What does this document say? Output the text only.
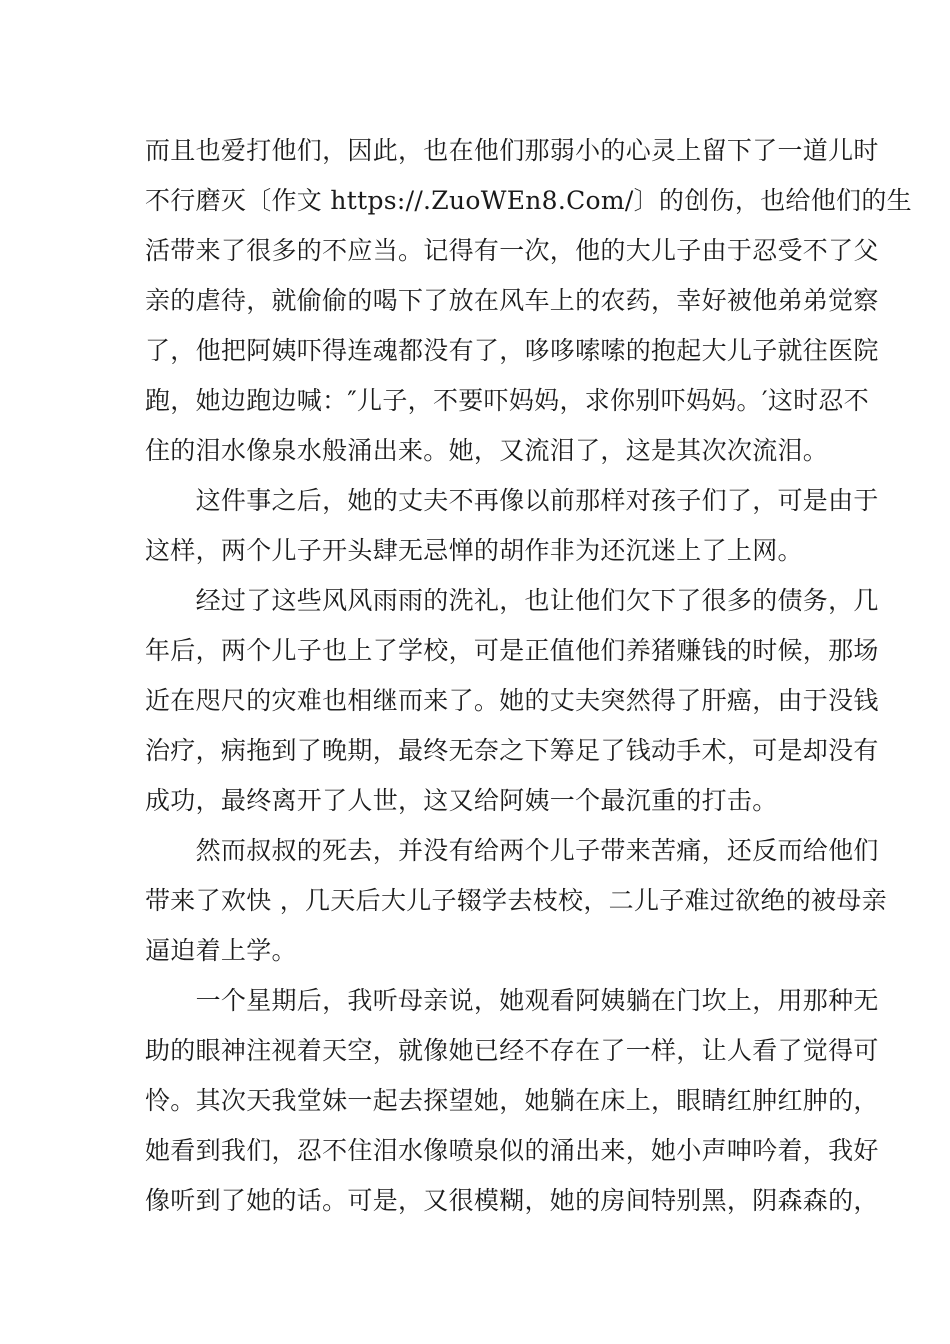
而且也爱打他们，因此，也在他们那弱小的心灵上留下了一道儿时
不行磨灭〔作文 https://.ZuoWEn8.Com/〕的创伤，也给他们的生
活带来了很多的不应当。记得有一次，他的大儿子由于忍受不了父
亲的虐待，就偷偷的喝下了放在风车上的农药，幸好被他弟弟觉察
了，他把阿姨吓得连魂都没有了，哆哆嗦嗦的抱起大儿子就往医院
跑，她边跑边喊：″儿子，不要吓妈妈，求你别吓妈妈。′这时忍不
住的泪水像泉水般涌出来。她，又流泪了，这是其次次流泪。
　　这件事之后，她的丈夫不再像以前那样对孩子们了，可是由于
这样，两个儿子开头肆无忌惮的胡作非为还沉迷上了上网。
　　经过了这些风风雨雨的洗礼，也让他们欠下了很多的债务，几
年后，两个儿子也上了学校，可是正值他们养猪赚钱的时候，那场
近在咫尺的灾难也相继而来了。她的丈夫突然得了肝癌，由于没钱
治疗，病拖到了晚期，最终无奈之下筹足了钱动手术，可是却没有
成功，最终离开了人世，这又给阿姨一个最沉重的打击。
　　然而叔叔的死去，并没有给两个儿子带来苦痛，还反而给他们
带来了欢快 ，几天后大儿子辍学去枝校，二儿子难过欲绝的被母亲
逼迫着上学。
　　一个星期后，我听母亲说，她观看阿姨躺在门坎上，用那种无
助的眼神注视着天空，就像她已经不存在了一样，让人看了觉得可
怜。其次天我堂妹一起去探望她，她躺在床上，眼睛红肿红肿的，
她看到我们，忍不住泪水像喷泉似的涌出来，她小声呻吟着，我好
像听到了她的话。可是，又很模糊，她的房间特别黑，阴森森的，
